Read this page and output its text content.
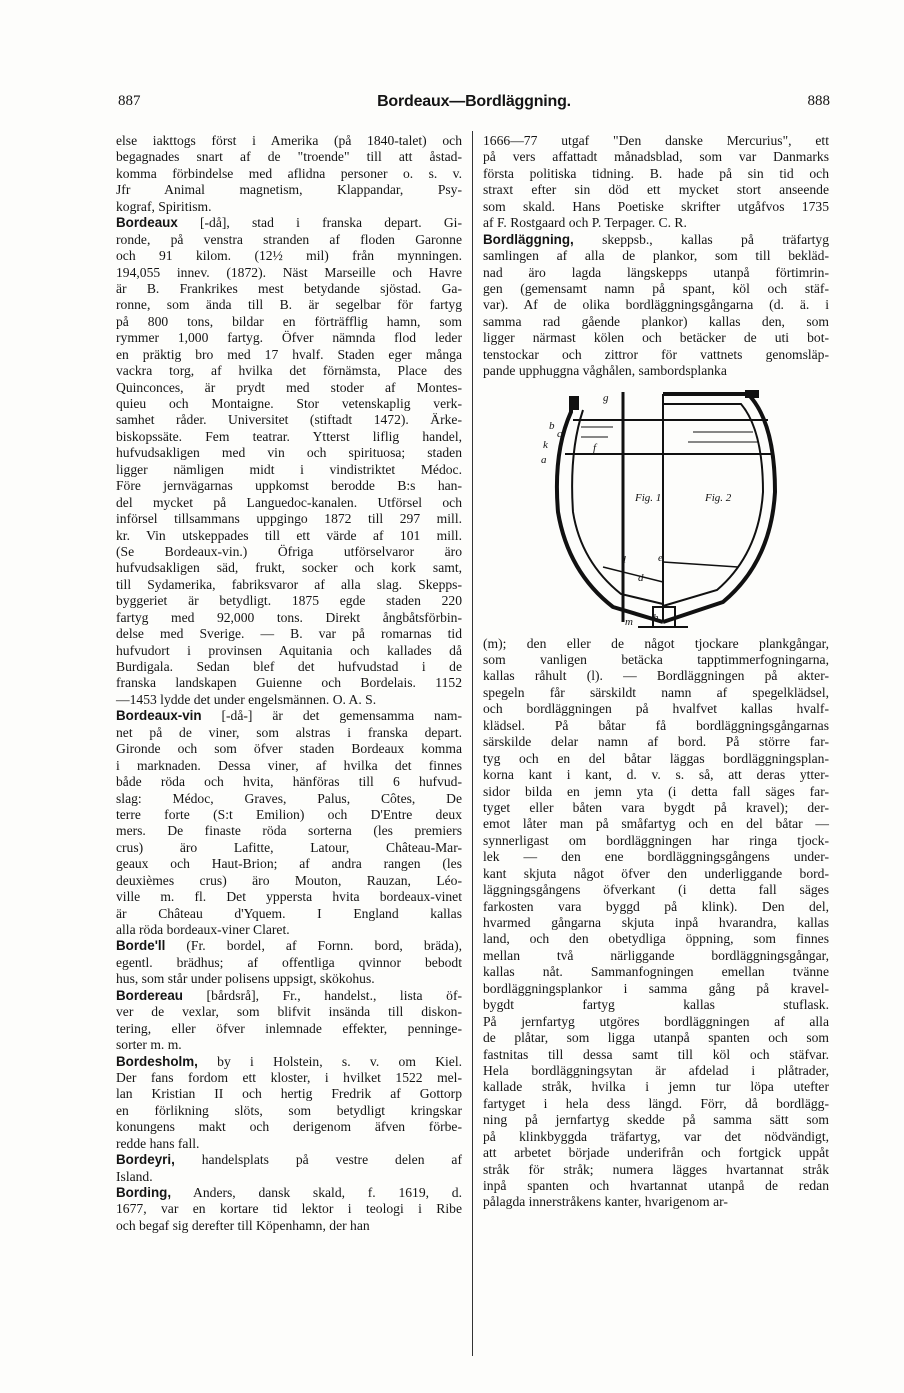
887	Bordeaux—Bordläggning.	888
else iakttogs först i Amerika (på 1840-talet) och
begagnades snart af de "troende" till att åstad-
komma förbindelse med aflidna personer o. s. v.
Jfr Animal magnetism, Klappandar, Psy-
kograf, Spiritism.
Bordeaux [-då], stad i franska depart. Gi-
ronde, på venstra stranden af floden Garonne
och 91 kilom. (12½ mil) från mynningen.
194,055 innev. (1872). Näst Marseille och Havre
är B. Frankrikes mest betydande sjöstad. Ga-
ronne, som ända till B. är segelbar för fartyg
på 800 tons, bildar en förträfflig hamn, som
rymmer 1,000 fartyg. Öfver nämnda flod leder
en präktig bro med 17 hvalf. Staden eger många
vackra torg, af hvilka det förnämsta, Place des
Quinconces, är prydt med stoder af Montes-
quieu och Montaigne. Stor vetenskaplig verk-
samhet råder. Universitet (stiftadt 1472). Ärke-
biskopssäte. Fem teatrar. Ytterst liflig handel,
hufvudsakligen med vin och spirituosa; staden
ligger nämligen midt i vindistriktet Médoc.
Före jernvägarnas uppkomst berodde B:s han-
del mycket på Languedoc-kanalen. Utförsel och
införsel tillsammans uppgingo 1872 till 297 mill.
kr. Vin utskeppades till ett värde af 101 mill.
(Se Bordeaux-vin.) Öfriga utförselvaror äro
hufvudsakligen säd, frukt, socker och kork samt,
till Sydamerika, fabriksvaror af alla slag. Skepps-
byggeriet är betydligt. 1875 egde staden 220
fartyg med 92,000 tons. Direkt ångbåtsförbin-
delse med Sverige. — B. var på romarnas tid
hufvudort i provinsen Aquitania och kallades då
Burdigala. Sedan blef det hufvudstad i de
franska landskapen Guienne och Bordelais. 1152
—1453 lydde det under engelsmännen. O. A. S.
Bordeaux-vin [-då-] är det gemensamma nam-
net på de viner, som alstras i franska depart.
Gironde och som öfver staden Bordeaux komma
i marknaden. Dessa viner, af hvilka det finnes
både röda och hvita, hänföras till 6 hufvud-
slag: Médoc, Graves, Palus, Côtes, De
terre forte (S:t Emilion) och D'Entre deux
mers. De finaste röda sorterna (les premiers
crus) äro Lafitte, Latour, Château-Mar-
geaux och Haut-Brion; af andra rangen (les
deuxièmes crus) äro Mouton, Rauzan, Léo-
ville m. fl. Det yppersta hvita bordeaux-vinet
är Château d'Yquem. I England kallas
alla röda bordeaux-viner Claret.
Borde'll (Fr. bordel, af Fornn. bord, bräda),
egentl. brädhus; af offentliga qvinnor bebodt
hus, som står under polisens uppsigt, skökohus.
Bordereau [bårdsrå], Fr., handelst., lista öf-
ver de vexlar, som blifvit insända till diskon-
tering, eller öfver inlemnade effekter, penninge-
sorter m. m.
Bordesholm, by i Holstein, s. v. om Kiel.
Der fans fordom ett kloster, i hvilket 1522 mel-
lan Kristian II och hertig Fredrik af Gottorp
en förlikning slöts, som betydligt kringskar
konungens makt och derigenom äfven förbe-
redde hans fall.
Bordeyri, handelsplats på vestre delen af
Island.
Bording, Anders, dansk skald, f. 1619, d.
1677, var en kortare tid lektor i teologi i Ribe
och begaf sig derefter till Köpenhamn, der han
1666—77 utgaf "Den danske Mercurius", ett
på vers affattadt månadsblad, som var Danmarks
första politiska tidning. B. hade på sin tid och
straxt efter sin död ett mycket stort anseende
som skald. Hans Poetiske skrifter utgåfvos 1735
af F. Rostgaard och P. Terpager. C. R.
Bordläggning, skeppsb., kallas på träfartyg
samlingen af alla de plankor, som till bekläd-
nad äro lagda längskepps utanpå förtimrin-
gen (gemensamt namn på spant, köl och stäf-
var). Af de olika bordläggningsgångarna (d. ä. i
samma rad gående plankor) kallas den, som
ligger närmast kölen och betäcker de uti bot-
tenstockar och zittror för vattnets genomsläp-
pande upphuggna våghålen, sambordsplanka
Fig. 1	Fig. 2
a
b
c
d
e
f
g
h
k
l
m
(m); den eller de något tjockare plankgångar,
som vanligen betäcka tapptimmerfogningarna,
kallas råhult (l). — Bordläggningen på akter-
spegeln får särskildt namn af spegelklädsel,
och bordläggningen på hvalfvet kallas hvalf-
klädsel. På båtar få bordläggningsgångarnas
särskilde delar namn af bord. På större far-
tyg och en del båtar läggas bordläggningsplan-
korna kant i kant, d. v. s. så, att deras ytter-
sidor bilda en jemn yta (i detta fall säges far-
tyget eller båten vara bygdt på kravel); der-
emot låter man på småfartyg och en del båtar —
synnerligast om bordläggningen har ringa tjock-
lek — den ene bordläggningsgångens under-
kant skjuta något öfver den underliggande bord-
läggningsgångens öfverkant (i detta fall säges
farkosten vara byggd på klink). Den del,
hvarmed gångarna skjuta inpå hvarandra, kallas
land, och den obetydliga öppning, som finnes
mellan två närliggande bordläggningsgångar,
kallas nåt. Sammanfogningen emellan tvänne
bordläggningsplankor i samma gång på kravel-
bygdt fartyg kallas stuflask.
På jernfartyg utgöres bordläggningen af alla
de plåtar, som ligga utanpå spanten och som
fastnitas till dessa samt till köl och stäfvar.
Hela bordläggningsytan är afdelad i plåtrader,
kallade stråk, hvilka i jemn tur löpa utefter
fartyget i hela dess längd. Förr, då bordlägg-
ning på jernfartyg skedde på samma sätt som
på klinkbyggda träfartyg, var det nödvändigt,
att arbetet började underifrån och fortgick uppåt
stråk för stråk; numera lägges hvartannat stråk
inpå spanten och hvartannat utanpå de redan
pålagda innerstråkens kanter, hvarigenom ar-
